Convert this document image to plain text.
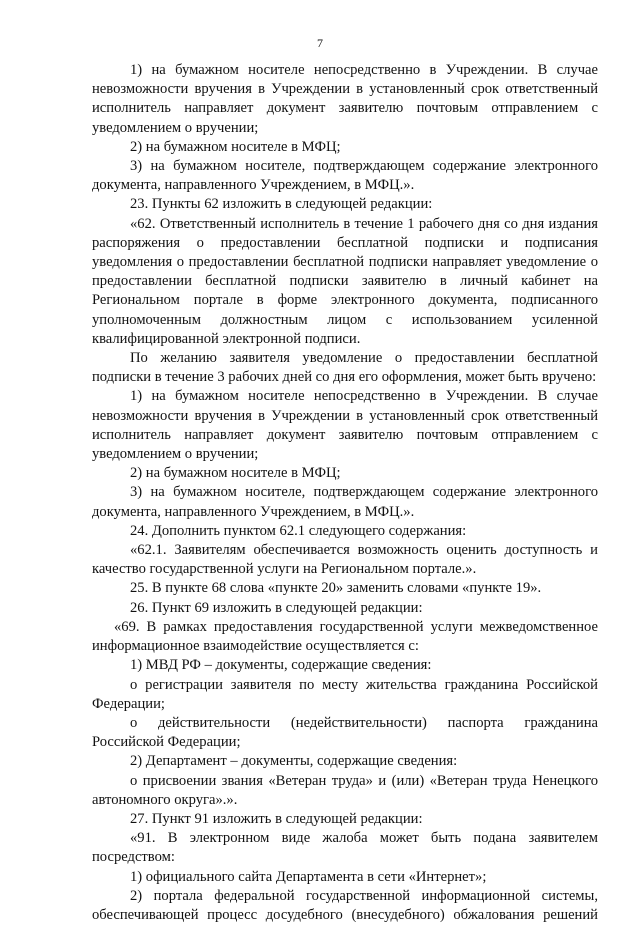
7

1) на бумажном носителе непосредственно в Учреждении. В случае невозможности вручения в Учреждении в установленный срок ответственный исполнитель направляет документ заявителю почтовым отправлением с уведомлением о вручении;

2) на бумажном носителе в МФЦ;

3) на бумажном носителе, подтверждающем содержание электронного документа, направленного Учреждением, в МФЦ.».

23. Пункты 62 изложить в следующей редакции:

«62. Ответственный исполнитель в течение 1 рабочего дня со дня издания распоряжения о предоставлении бесплатной подписки и подписания уведомления о предоставлении бесплатной подписки направляет уведомление о предоставлении бесплатной подписки заявителю в личный кабинет на Региональном портале в форме электронного документа, подписанного уполномоченным должностным лицом с использованием усиленной квалифицированной электронной подписи.

По желанию заявителя уведомление о предоставлении бесплатной подписки в течение 3 рабочих дней со дня его оформления, может быть вручено:

1) на бумажном носителе непосредственно в Учреждении. В случае невозможности вручения в Учреждении в установленный срок ответственный исполнитель направляет документ заявителю почтовым отправлением с уведомлением о вручении;

2) на бумажном носителе в МФЦ;

3) на бумажном носителе, подтверждающем содержание электронного документа, направленного Учреждением, в МФЦ.».

24. Дополнить пунктом 62.1 следующего содержания:

«62.1. Заявителям обеспечивается возможность оценить доступность и качество государственной услуги на Региональном портале.».

25. В пункте 68 слова «пункте 20» заменить словами «пункте 19».

26. Пункт 69 изложить в следующей редакции:

«69. В рамках предоставления государственной услуги межведомственное информационное взаимодействие осуществляется с:

1) МВД РФ – документы, содержащие сведения:

о регистрации заявителя по месту жительства гражданина Российской Федерации;

о действительности (недействительности) паспорта гражданина Российской Федерации;

2) Департамент – документы, содержащие сведения:

о присвоении звания «Ветеран труда» и (или) «Ветеран труда Ненецкого автономного округа».».

27. Пункт 91 изложить в следующей редакции:

«91. В электронном виде жалоба может быть подана заявителем посредством:

1) официального сайта Департамента в сети «Интернет»;

2) портала федеральной государственной информационной системы, обеспечивающей процесс досудебного (внесудебного) обжалования решений
